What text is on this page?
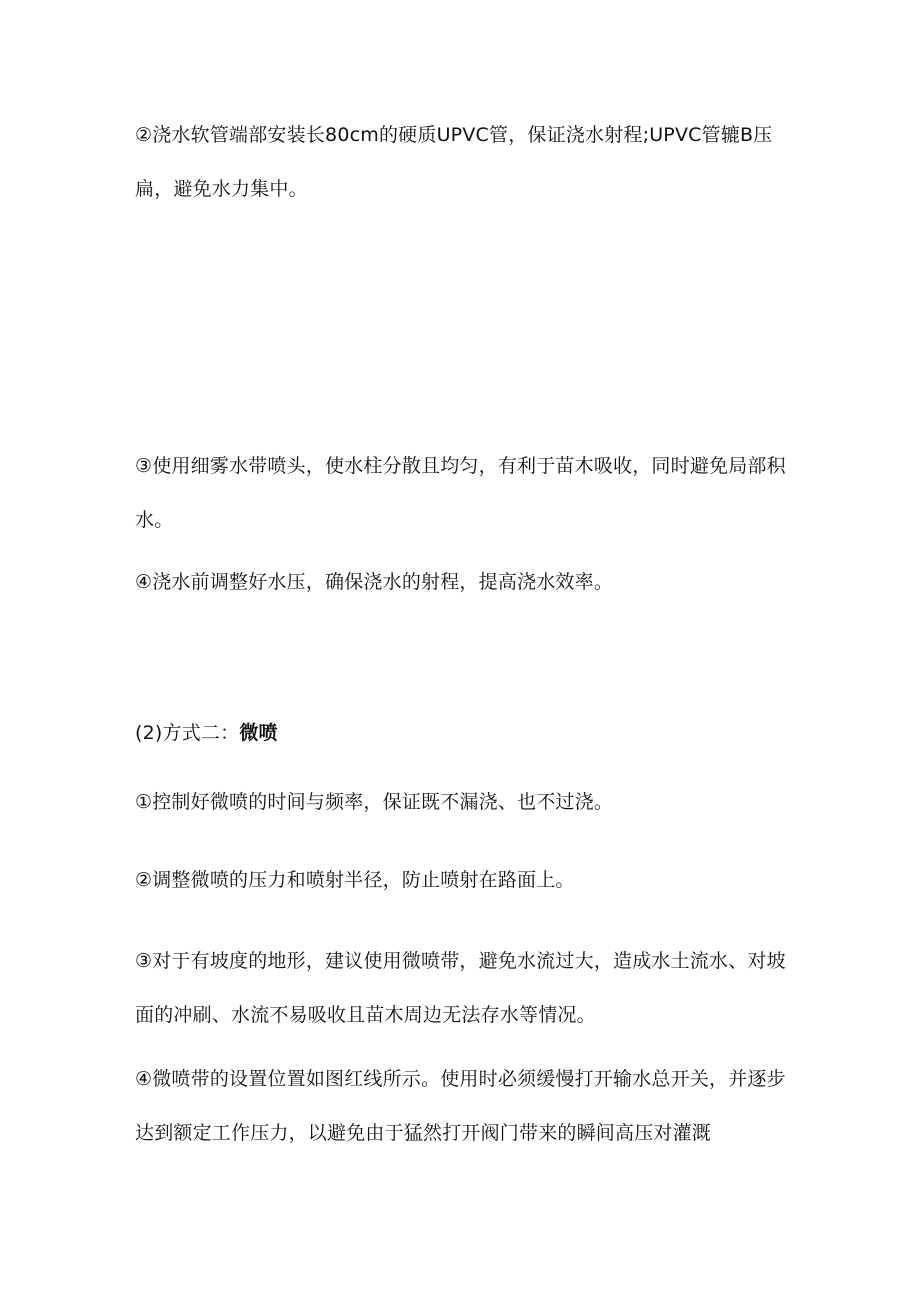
②浇水软管端部安装长80cm的硬质UPVC管，保证浇水射程;UPVC管辘B压扁，避免水力集中。

③使用细雾水带喷头，使水柱分散且均匀，有利于苗木吸收，同时避免局部积水。

④浇水前调整好水压，确保浇水的射程，提高浇水效率。

(2)方式二：微喷

①控制好微喷的时间与频率，保证既不漏浇、也不过浇。

②调整微喷的压力和喷射半径，防止喷射在路面上。

③对于有坡度的地形，建议使用微喷带，避免水流过大，造成水土流水、对坡面的冲刷、水流不易吸收且苗木周边无法存水等情况。

④微喷带的设置位置如图红线所示。使用时必须缓慢打开输水总开关，并逐步达到额定工作压力，以避免由于猛然打开阀门带来的瞬间高压对灌溉
